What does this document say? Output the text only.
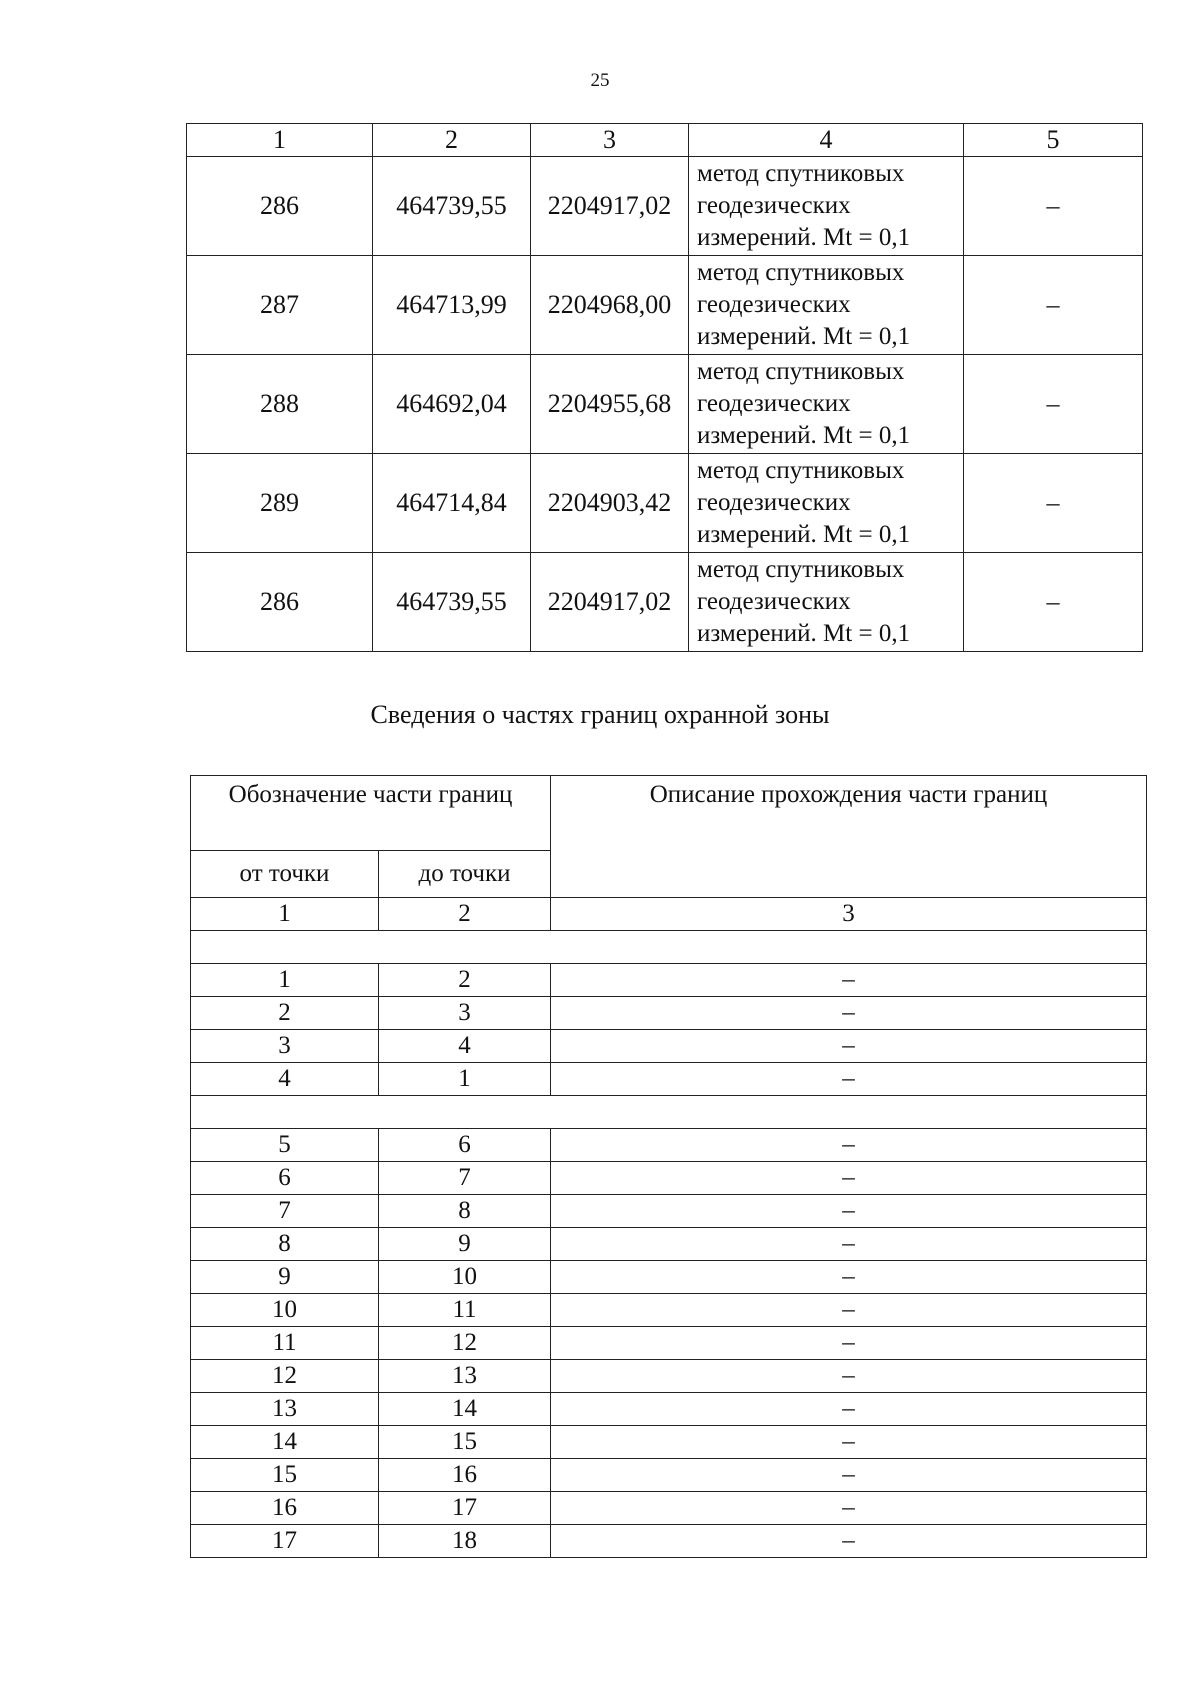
25
1	2	3	4	5
286	464739,55	2204917,02	метод спутниковых
геодезических
измерений. Mt = 0,1	–
287	464713,99	2204968,00	метод спутниковых
геодезических
измерений. Mt = 0,1	–
288	464692,04	2204955,68	метод спутниковых
геодезических
измерений. Mt = 0,1	–
289	464714,84	2204903,42	метод спутниковых
геодезических
измерений. Mt = 0,1	–
286	464739,55	2204917,02	метод спутниковых
геодезических
измерений. Mt = 0,1	–
Сведения о частях границ охранной зоны
Обозначение части границ		Описание прохождения части границ
от точки	до точки	
1	2	3

1	2	–
2	3	–
3	4	–
4	1	–

5	6	–
6	7	–
7	8	–
8	9	–
9	10	–
10	11	–
11	12	–
12	13	–
13	14	–
14	15	–
15	16	–
16	17	–
17	18	–
